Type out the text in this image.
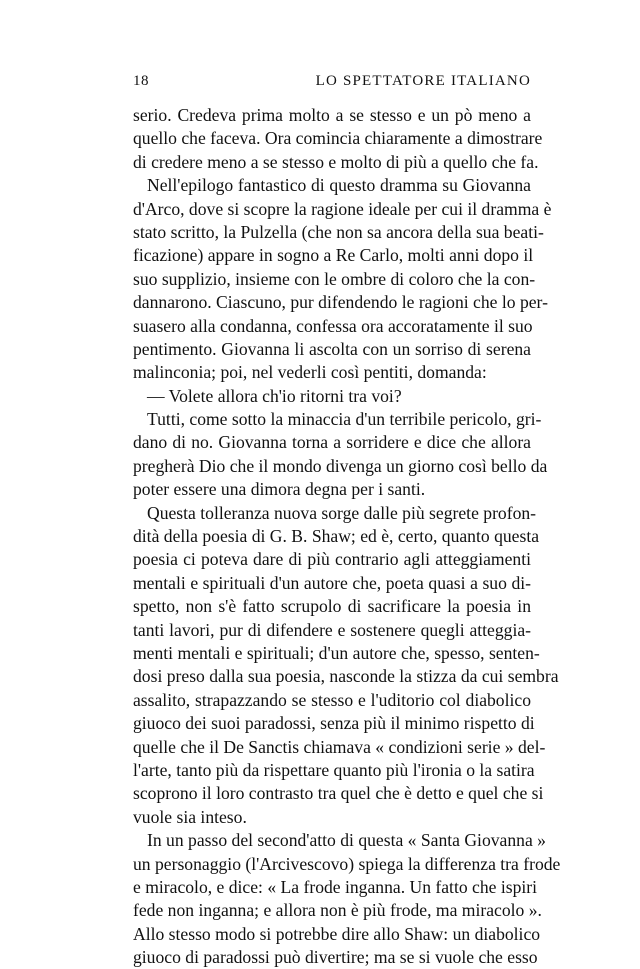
18	LO SPETTATORE ITALIANO
serio. Credeva prima molto a se stesso e un pò meno a
quello che faceva. Ora comincia chiaramente a dimostrare
di credere meno a se stesso e molto di più a quello che fa.
Nell'epilogo fantastico di questo dramma su Giovanna
d'Arco, dove si scopre la ragione ideale per cui il dramma è
stato scritto, la Pulzella (che non sa ancora della sua beati-
ficazione) appare in sogno a Re Carlo, molti anni dopo il
suo supplizio, insieme con le ombre di coloro che la con-
dannarono. Ciascuno, pur difendendo le ragioni che lo per-
suasero alla condanna, confessa ora accoratamente il suo
pentimento. Giovanna li ascolta con un sorriso di serena
malinconia; poi, nel vederli così pentiti, domanda:
— Volete allora ch'io ritorni tra voi?
Tutti, come sotto la minaccia d'un terribile pericolo, gri-
dano di no. Giovanna torna a sorridere e dice che allora
pregherà Dio che il mondo divenga un giorno così bello da
poter essere una dimora degna per i santi.
Questa tolleranza nuova sorge dalle più segrete profon-
dità della poesia di G. B. Shaw; ed è, certo, quanto questa
poesia ci poteva dare di più contrario agli atteggiamenti
mentali e spirituali d'un autore che, poeta quasi a suo di-
spetto, non s'è fatto scrupolo di sacrificare la poesia in
tanti lavori, pur di difendere e sostenere quegli atteggia-
menti mentali e spirituali; d'un autore che, spesso, senten-
dosi preso dalla sua poesia, nasconde la stizza da cui sembra
assalito, strapazzando se stesso e l'uditorio col diabolico
giuoco dei suoi paradossi, senza più il minimo rispetto di
quelle che il De Sanctis chiamava « condizioni serie » del-
l'arte, tanto più da rispettare quanto più l'ironia o la satira
scoprono il loro contrasto tra quel che è detto e quel che si
vuole sia inteso.
In un passo del second'atto di questa « Santa Giovanna »
un personaggio (l'Arcivescovo) spiega la differenza tra frode
e miracolo, e dice: « La frode inganna. Un fatto che ispiri
fede non inganna; e allora non è più frode, ma miracolo ».
Allo stesso modo si potrebbe dire allo Shaw: un diabolico
giuoco di paradossi può divertire; ma se si vuole che esso
